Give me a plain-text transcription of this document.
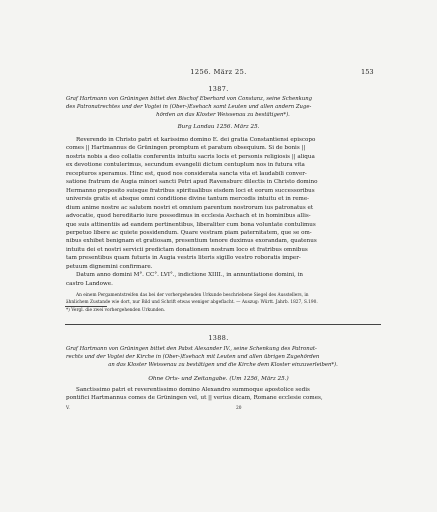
1256. März 25.	153
1387.
Graf Hartmann von Grüningen bittet den Bischof Eberhard von Constanz, seine Schenkung
des Patronatrechtes und der Vogtei in (Ober-)Esehach samt Leuten und allen andern Zuge-
hörden an das Kloster Weissenau zu bestätigen*).
Burg Landau 1256. März 25.

Reverendo in Christo patri et karissimo domino E. dei gratia Constantiensi episcopo

comes || Hartmannus de Grüningen promptum et paratum obsequium. Si de bonis ||

nostris nobis a deo collatis conferentis intuitu sacris locis et personis religiosis || aliqua

ex devotione contulerimus, secundum evangelii dictum centuplum nos in futura vita

recepturos speramus. Hinc est, quod nos considerata sancta vita et laudabili conver-

satione fratrum de Augia minori sancti Petri apud Ravensburc dilectis in Christo domino

Hermanno preposito suisque fratribus spiritualibus eisdem loci et eorum successoribus

universis gratis et absque omni conditione divine tantum mercedis intuitu et in reme-

dium anime nostre ac salutem nostri et omnium parentum nostrorum ius patronatus et

advocatie, quod hereditario iure possedimus in ecclesia Aschach et in hominibus allis-

que suis attinentiis ad eandem pertinentibus, liberaliter cum bona voluntate contulimus

perpetuo libere ac quiete possidendum. Quare vestram piam paternitatem, que se om-

nibus exhibet benignam et gratiosam, presentium tenore duximus exorandam, quatenus

intuitu dei et nostri servicii predictam donationem nostram loco et fratribus omnibus

tam presentibus quam futuris in Augia vestris literis sigillo vestro roboratis imper-

petuum dignemini confirmare.

Datum anno domini M°. CC°. LVI°., indictione XIIII., in annuntiatione domini, in

castro Landowe.

An einem Pergamentstreifen das bei der vorhergehenden Urkunde beschriebene Siegel des Ausstellers, in

ähnlichem Zustande wie dort, nur Bild und Schrift etwas weniger abgeflacht. — Auszug: Württ. Jahrb. 1827, S.190.

*) Vergl. die zwei vorhergehenden Urkunden.
1388.
Graf Hartmann von Grüningen bittet den Pabst Alexander IV., seine Schenkung des Patronat-
rechts und der Vogtei der Kirche in (Ober-)Esehach mit Leuten und allen übrigen Zugehörden
an das Kloster Weissenau zu bestätigen und die Kirche dem Kloster einzuverleiben*).
Ohne Orts- und Zeitangabe. (Um 1256, März 25.)

Sanctissimo patri et reverentissimo domino Alexandro summoque apostolice sedis

pontifici Hartmannus comes de Grüningen vel, ut || verius dicam, Romane ecclesie comes,

V.	20
